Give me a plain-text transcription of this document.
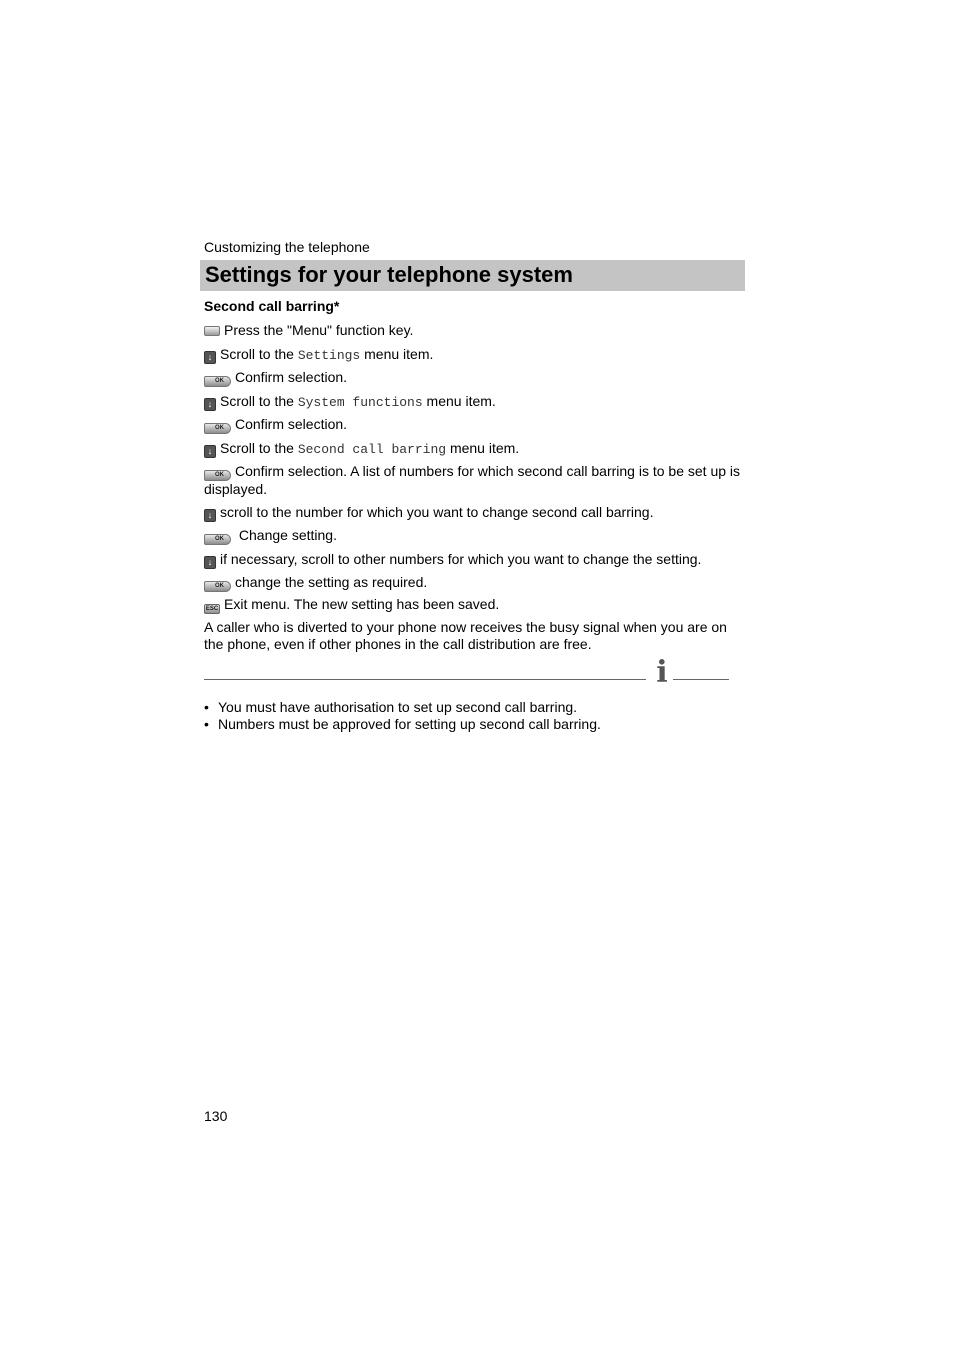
Customizing the telephone
Settings for your telephone system
Second call barring*
Press the "Menu" function key.
↓ Scroll to the Settings menu item.
OK Confirm selection.
↓ Scroll to the System functions menu item.
OK Confirm selection.
↓ Scroll to the Second call barring menu item.
OK Confirm selection. A list of numbers for which second call barring is to be set up is displayed.
↓ scroll to the number for which you want to change second call barring.
OK Change setting.
↓ if necessary, scroll to other numbers for which you want to change the setting.
OK change the setting as required.
ESC Exit menu. The new setting has been saved.
A caller who is diverted to your phone now receives the busy signal when you are on the phone, even if other phones in the call distribution are free.
i
• You must have authorisation to set up second call barring.
• Numbers must be approved for setting up second call barring.
130
